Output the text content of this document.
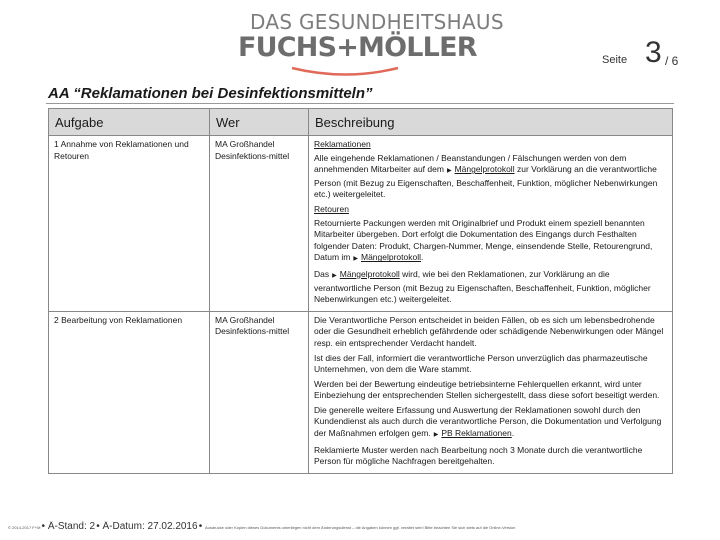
DAS GESUNDHEITSHAUS
FUCHS+MÖLLER	Seite 3 / 6
AA “Reklamationen bei Desinfektionsmitteln”
Aufgabe	Wer	Beschreibung
1 Annahme von Reklamationen und Retouren	MA Großhandel Desinfektions-mittel	Reklamationen
Alle eingehende Reklamationen / Beanstandungen / Fälschungen werden von dem annehmenden Mitarbeiter auf dem ▶ Mängelprotokoll zur Vorklärung an die verantwortliche Person (mit Bezug zu Eigenschaften, Beschaffenheit, Funktion, möglicher Nebenwirkungen etc.) weitergeleitet.
Retouren
Retournierte Packungen werden mit Originalbrief und Produkt einem speziell benannten Mitarbeiter übergeben. Dort erfolgt die Dokumentation des Eingangs durch Festhalten folgender Daten: Produkt, Chargen-Nummer, Menge, einsendende Stelle, Retourengrund, Datum im ▶ Mängelprotokoll.
Das ▶ Mängelprotokoll wird, wie bei den Reklamationen, zur Vorklärung an die verantwortliche Person (mit Bezug zu Eigenschaften, Beschaffenheit, Funktion, möglicher Nebenwirkungen etc.) weitergeleitet.

2 Bearbeitung von Reklamationen	MA Großhandel Desinfektions-mittel	Die Verantwortliche Person entscheidet in beiden Fällen, ob es sich um lebensbedrohende oder die Gesundheit erheblich gefährdende oder schädigende Nebenwirkungen oder Mängel resp. ein entsprechender Verdacht handelt.
Ist dies der Fall, informiert die verantwortliche Person unverzüglich das pharmazeutische Unternehmen, von dem die Ware stammt.
Werden bei der Bewertung eindeutige betriebsinterne Fehlerquellen erkannt, wird unter Einbeziehung der entsprechenden Stellen sichergestellt, dass diese sofort beseitigt werden.
Die generelle weitere Erfassung und Auswertung der Reklamationen sowohl durch den Kundendienst als auch durch die verantwortliche Person, die Dokumentation und Verfolgung der Maßnahmen erfolgen gem. ▶ PB Reklamationen.
Reklamierte Muster werden nach Bearbeitung noch 3 Monate durch die verantwortliche Person für mögliche Nachfragen bereitgehalten.
© 2014-2017 F+M • Ä-Stand: 2 • Ä-Datum: 27.02.2016 • Ausdrucke oder Kopien dieses Dokuments unterliegen nicht dem Änderungsdienst – die Angaben können ggf. veraltet sein! Bitte beachten Sie sich stets auf die Online-Version
